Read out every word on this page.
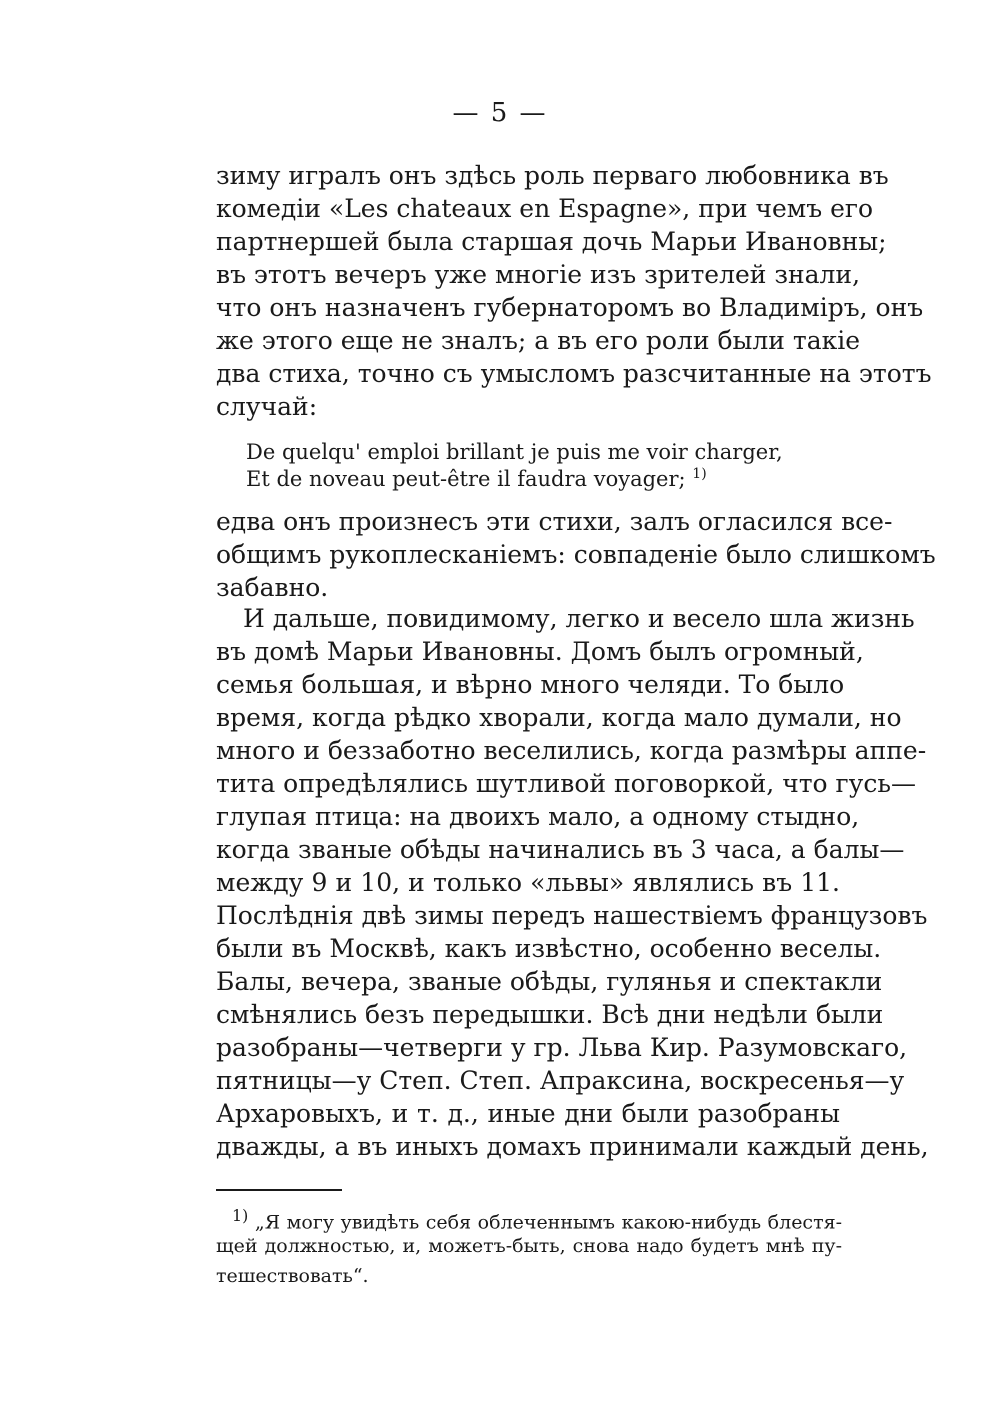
— 5 —
зиму игралъ онъ здѣсь роль перваго любовника въ
комедiи «Les chateaux en Espagne», при чемъ его
партнершей была старшая дочь Марьи Ивановны;
въ этотъ вечеръ уже многiе изъ зрителей знали,
что онъ назначенъ губернаторомъ во Владимiръ, онъ
же этого еще не зналъ; а въ его роли были такiе
два стиха, точно съ умысломъ разсчитанные на этотъ
случай:
De quelqu' emploi brillant je puis me voir charger,
Et de noveau peut-être il faudra voyager; $^{1)}$
едва онъ произнесъ эти стихи, залъ огласился все-
общимъ рукоплесканiемъ: совпаденiе было слишкомъ
забавно.
И дальше, повидимому, легко и весело шла жизнь
въ домѣ Марьи Ивановны. Домъ былъ огромный,
семья большая, и вѣрно много челяди. То было
время, когда рѣдко хворали, когда мало думали, но
много и беззаботно веселились, когда размѣры аппе-
тита опредѣлялись шутливой поговоркой, что гусь—
глупая птица: на двоихъ мало, а одному стыдно,
когда званые обѣды начинались въ 3 часа, а балы—
между 9 и 10, и только «львы» являлись въ 11.
Послѣднiя двѣ зимы передъ нашествiемъ французовъ
были въ Москвѣ, какъ извѣстно, особенно веселы.
Балы, вечера, званые обѣды, гулянья и спектакли
смѣнялись безъ передышки. Всѣ дни недѣли были
разобраны—четверги у гр. Льва Кир. Разумовскаго,
пятницы—у Степ. Степ. Апраксина, воскресенья—у
Архаровыхъ, и т. д., иные дни были разобраны
дважды, а въ иныхъ домахъ принимали каждый день,
$^{1)}$ „Я могу увидѣть себя облеченнымъ какою-нибудь блестя-
щей должностью, и, можетъ-быть, снова надо будетъ мнѣ пу-
тешествовать“.
